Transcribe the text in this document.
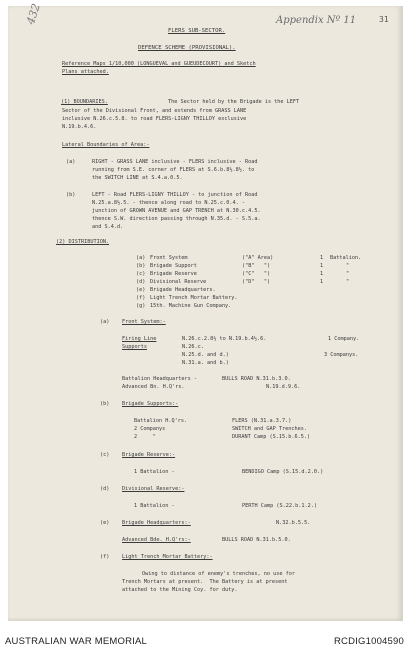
432	Appendix Nº 11	31
FLERS SUB-SECTOR.
DEFENCE SCHEME (PROVISIONAL).
Reference Maps 1/10,000 (LONGUEVAL and GUEUDECOURT) and Sketch
Plans attached.
(1) BOUNDARIES.	The Sector held by the Brigade is the LEFT
Sector of the Divisional Front, and extends from GRASS LANE
inclusive N.26.c.5.8. to road FLERS-LIGNY THILLOY exclusive
N.19.b.4.6.
Lateral Boundaries of Area:-
(a)	RIGHT - GRASS LANE inclusive - FLERS inclusive - Road
running from S.E. corner of FLERS at S.6.b.8½.8½. to
the SWITCH LINE at S.4.a.0.5.
(b)	LEFT - Road FLERS-LIGNY THILLOY - to junction of Road
N.25.a.8½.5. - thence along road to N.25.c.0.4. -
junction of GROWN AVENUE and GAP TRENCH at N.30.c.4.5.
thence S.W. direction passing through N.35.d. - S.5.a.
and S.4.d.
(2) DISTRIBUTION.
(a) Front System	("A" Area)	1 Battalion.
(b) Brigade Support	("B"   ")	1	"
(c) Brigade Reserve	("C"   ")	1	"
(d) Divisional Reserve	("D"   ")	1	"
(e) Brigade Headquarters.
(f) Light Trench Mortar Battery.
(g) 15th. Machine Gun Company.
(a) Front System:-
Firing Line	N.26.c.2.8½ to N.19.b.4½.6.	1 Company.
Supports	N.26.c.
N.25.d. and d.)
N.31.a. and b.)
3 Companys.
Battalion Headquarters -	BULLS ROAD N.31.b.3.0.
Advanced Bn. H.Q'rs.	N.19.d.9.6.
(b) Brigade Supports:-
Battalion H.Q'rs.	FLERS (N.31.a.3.7.)
2 Companys	SWITCH and GAP Trenches.
2     "	DURANT Camp (S.15.b.6.5.)
(c) Brigade Reserve:-
1 Battalion -	BENDIGO Camp (S.15.d.2.0.)
(d) Divisional Reserve:-
1 Battalion -	PERTH Camp (S.22.b.1.2.)
(e) Brigade Headquarters:-	N.32.b.5.5.
Advanced Bde. H.Q'rs:-	BULLS ROAD N.31.b.5.0.
(f) Light Trench Mortar Battery:-
Owing to distance of enemy's trenches, no use for
Trench Mortars at present.  The Battery is at present
attached to the Mining Coy. for duty.
AUSTRALIAN WAR MEMORIAL	RCDIG1004590
